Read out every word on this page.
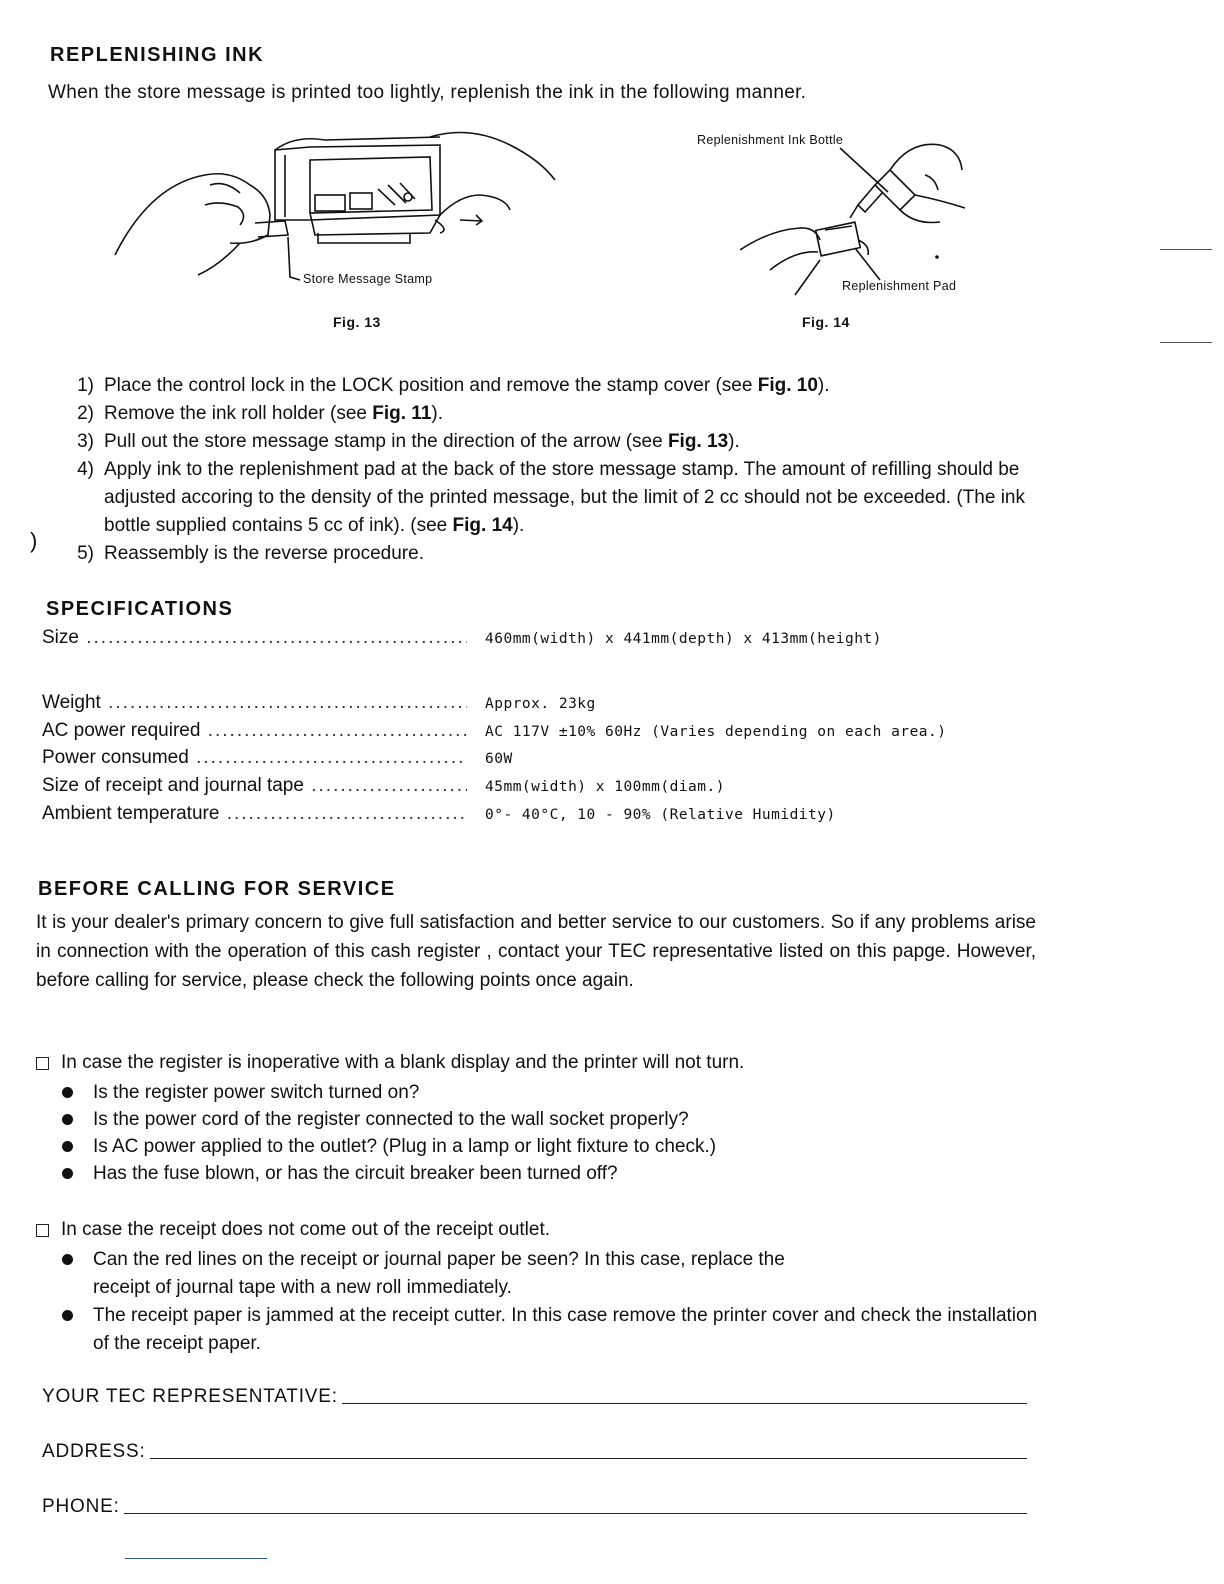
)
REPLENISHING INK
When the store message is printed too lightly, replenish the ink in the following manner.
Store Message Stamp
Fig. 13
Replenishment Ink Bottle
Replenishment Pad
Fig. 14
1) Place the control lock in the LOCK position and remove the stamp cover (see Fig. 10).
2) Remove the ink roll holder (see Fig. 11).
3) Pull out the store message stamp in the direction of the arrow (see Fig. 13).
4) Apply ink to the replenishment pad at the back of the store message stamp. The amount of refilling should be adjusted accoring to the density of the printed message, but the limit of 2 cc should not be exceeded. (The ink bottle supplied contains 5 cc of ink). (see Fig. 14).
5) Reassembly is the reverse procedure.
SPECIFICATIONS
Size .....	460mm(width) x 441mm(depth) x 413mm(height)
Weight .....	Approx. 23kg
AC power required .....	AC 117V ±10% 60Hz (Varies depending on each area.)
Power consumed .....	60W
Size of receipt and journal tape .....	45mm(width) x 100mm(diam.)
Ambient temperature .....	0°- 40°C, 10 - 90% (Relative Humidity)
BEFORE CALLING FOR SERVICE
It is your dealer's primary concern to give full satisfaction and better service to our customers. So if any problems arise in connection with the operation of this cash register , contact your TEC representative listed on this papge. However, before calling for service, please check the following points once again.
In case the register is inoperative with a blank display and the printer will not turn.
Is the register power switch turned on?
Is the power cord of the register connected to the wall socket properly?
Is AC power applied to the outlet? (Plug in a lamp or light fixture to check.)
Has the fuse blown, or has the circuit breaker been turned off?
In case the receipt does not come out of the receipt outlet.
Can the red lines on the receipt or journal paper be seen? In this case, replace the receipt of journal tape with a new roll immediately.
The receipt paper is jammed at the receipt cutter. In this case remove the printer cover and check the installation of the receipt paper.
YOUR TEC REPRESENTATIVE:
ADDRESS:
PHONE:
